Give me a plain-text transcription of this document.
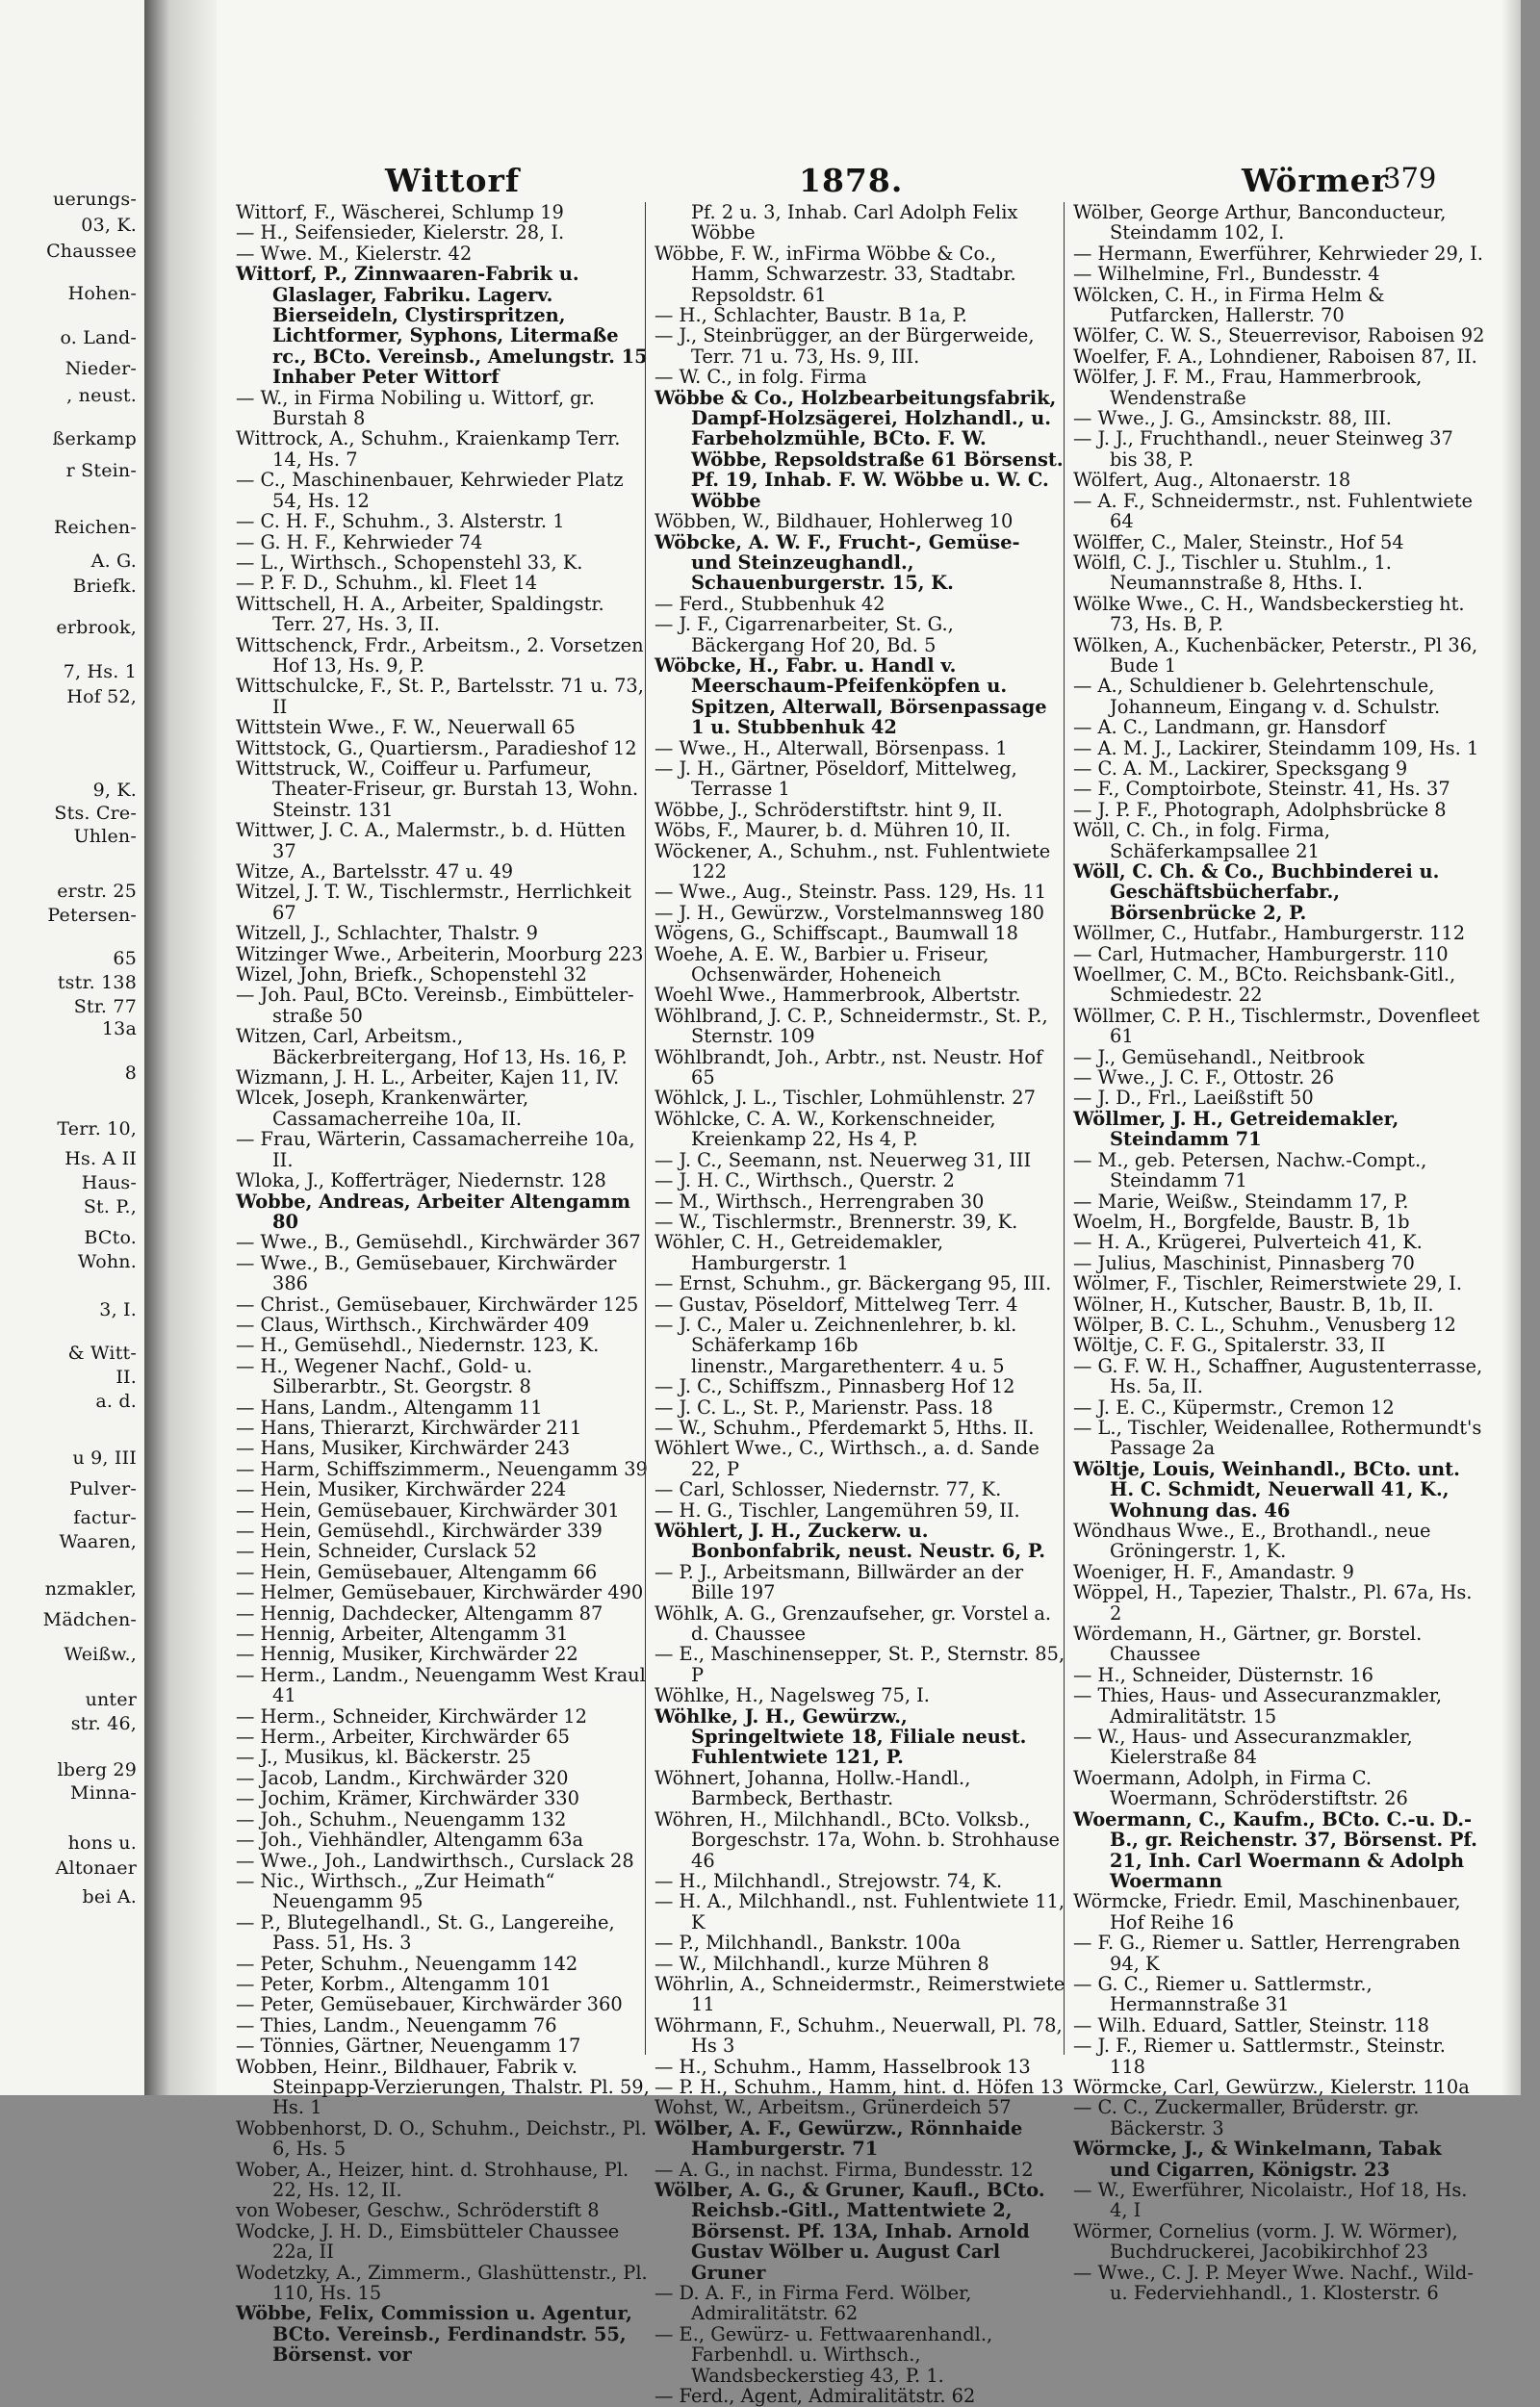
uerungs-
03, K.
Chaussee
Hohen-
o. Land-
Nieder-
, neust.
ßerkamp
r Stein-
Reichen-
A. G.
Briefk.
erbrook,
7, Hs. 1
Hof 52,
9, K.
Sts. Cre-
Uhlen-
erstr. 25
Petersen-
65
tstr. 138
Str. 77
13a
8
Terr. 10,
Hs. A II
Haus-
St. P.,
BCto.
Wohn.
3, I.
& Witt-
II.
a. d.
u 9, III
Pulver-
factur-
Waaren,
nzmakler,
Mädchen-
Weißw.,
unter
str. 46,
lberg 29
Minna-
hons u.
Altonaer
bei A.
Wittorf	1878.	Wörmer
379
Wittorf, F., Wäscherei, Schlump 19
— H., Seifensieder, Kielerstr. 28, I.
— Wwe. M., Kielerstr. 42
Wittorf, P., Zinnwaaren-Fabrik u. Glaslager, Fabriku. Lagerv. Bierseideln, Clystirspritzen, Lichtformer, Syphons, Litermaße rc., BCto. Vereinsb., Amelungstr. 15 Inhaber Peter Wittorf
— W., in Firma Nobiling u. Wittorf, gr. Burstah 8
Wittrock, A., Schuhm., Kraienkamp Terr. 14, Hs. 7
— C., Maschinenbauer, Kehrwieder Platz 54, Hs. 12
— C. H. F., Schuhm., 3. Alsterstr. 1
— G. H. F., Kehrwieder 74
— L., Wirthsch., Schopenstehl 33, K.
— P. F. D., Schuhm., kl. Fleet 14
Wittschell, H. A., Arbeiter, Spaldingstr. Terr. 27, Hs. 3, II.
Wittschenck, Frdr., Arbeitsm., 2. Vorsetzen Hof 13, Hs. 9, P.
Wittschulcke, F., St. P., Bartelsstr. 71 u. 73, II
Wittstein Wwe., F. W., Neuerwall 65
Wittstock, G., Quartiersm., Paradieshof 12
Wittstruck, W., Coiffeur u. Parfumeur, Theater-Friseur, gr. Burstah 13, Wohn. Steinstr. 131
Wittwer, J. C. A., Malermstr., b. d. Hütten 37
Witze, A., Bartelsstr. 47 u. 49
Witzel, J. T. W., Tischlermstr., Herrlichkeit 67
Witzell, J., Schlachter, Thalstr. 9
Witzinger Wwe., Arbeiterin, Moorburg 223
Wizel, John, Briefk., Schopenstehl 32
— Joh. Paul, BCto. Vereinsb., Eimbütteler-straße 50
Witzen, Carl, Arbeitsm., Bäckerbreitergang, Hof 13, Hs. 16, P.
Wizmann, J. H. L., Arbeiter, Kajen 11, IV.
Wlcek, Joseph, Krankenwärter, Cassamacherreihe 10a, II.
— Frau, Wärterin, Cassamacherreihe 10a, II.
Wloka, J., Kofferträger, Niedernstr. 128
Wobbe, Andreas, Arbeiter Altengamm 80
— Wwe., B., Gemüsehdl., Kirchwärder 367
— Wwe., B., Gemüsebauer, Kirchwärder 386
— Christ., Gemüsebauer, Kirchwärder 125
— Claus, Wirthsch., Kirchwärder 409
— H., Gemüsehdl., Niedernstr. 123, K.
— H., Wegener Nachf., Gold- u. Silberarbtr., St. Georgstr. 8
— Hans, Landm., Altengamm 11
— Hans, Thierarzt, Kirchwärder 211
— Hans, Musiker, Kirchwärder 243
— Harm, Schiffszimmerm., Neuengamm 39
— Hein, Musiker, Kirchwärder 224
— Hein, Gemüsebauer, Kirchwärder 301
— Hein, Gemüsehdl., Kirchwärder 339
— Hein, Schneider, Curslack 52
— Hein, Gemüsebauer, Altengamm 66
— Helmer, Gemüsebauer, Kirchwärder 490
— Hennig, Dachdecker, Altengamm 87
— Hennig, Arbeiter, Altengamm 31
— Hennig, Musiker, Kirchwärder 22
— Herm., Landm., Neuengamm West Kraul 41
— Herm., Schneider, Kirchwärder 12
— Herm., Arbeiter, Kirchwärder 65
— J., Musikus, kl. Bäckerstr. 25
— Jacob, Landm., Kirchwärder 320
— Jochim, Krämer, Kirchwärder 330
— Joh., Schuhm., Neuengamm 132
— Joh., Viehhändler, Altengamm 63a
— Wwe., Joh., Landwirthsch., Curslack 28
— Nic., Wirthsch., „Zur Heimath“ Neuengamm 95
— P., Blutegelhandl., St. G., Langereihe, Pass. 51, Hs. 3
— Peter, Schuhm., Neuengamm 142
— Peter, Korbm., Altengamm 101
— Peter, Gemüsebauer, Kirchwärder 360
— Thies, Landm., Neuengamm 76
— Tönnies, Gärtner, Neuengamm 17
Wobben, Heinr., Bildhauer, Fabrik v. Steinpapp-Verzierungen, Thalstr. Pl. 59, Hs. 1
Wobbenhorst, D. O., Schuhm., Deichstr., Pl. 6, Hs. 5
Wober, A., Heizer, hint. d. Strohhause, Pl. 22, Hs. 12, II.
von Wobeser, Geschw., Schröderstift 8
Wodcke, J. H. D., Eimsbütteler Chaussee 22a, II
Wodetzky, A., Zimmerm., Glashüttenstr., Pl. 110, Hs. 15
Wöbbe, Felix, Commission u. Agentur, BCto. Vereinsb., Ferdinandstr. 55, Börsenst. vor
Pf. 2 u. 3, Inhab. Carl Adolph Felix Wöbbe
Wöbbe, F. W., inFirma Wöbbe & Co., Hamm, Schwarzestr. 33, Stadtabr. Repsoldstr. 61
— H., Schlachter, Baustr. B 1a, P.
— J., Steinbrügger, an der Bürgerweide, Terr. 71 u. 73, Hs. 9, III.
— W. C., in folg. Firma
Wöbbe & Co., Holzbearbeitungsfabrik, Dampf-Holzsägerei, Holzhandl., u. Farbeholzmühle, BCto. F. W. Wöbbe, Repsoldstraße 61 Börsenst. Pf. 19, Inhab. F. W. Wöbbe u. W. C. Wöbbe
Wöbben, W., Bildhauer, Hohlerweg 10
Wöbcke, A. W. F., Frucht-, Gemüse- und Steinzeughandl., Schauenburgerstr. 15, K.
— Ferd., Stubbenhuk 42
— J. F., Cigarrenarbeiter, St. G., Bäckergang Hof 20, Bd. 5
Wöbcke, H., Fabr. u. Handl v. Meerschaum-Pfeifenköpfen u. Spitzen, Alterwall, Börsenpassage 1 u. Stubbenhuk 42
— Wwe., H., Alterwall, Börsenpass. 1
— J. H., Gärtner, Pöseldorf, Mittelweg, Terrasse 1
Wöbbe, J., Schröderstiftstr. hint 9, II.
Wöbs, F., Maurer, b. d. Mühren 10, II.
Wöckener, A., Schuhm., nst. Fuhlentwiete 122
— Wwe., Aug., Steinstr. Pass. 129, Hs. 11
— J. H., Gewürzw., Vorstelmannsweg 180
Wögens, G., Schiffscapt., Baumwall 18
Woehe, A. E. W., Barbier u. Friseur, Ochsenwärder, Hoheneich
Woehl Wwe., Hammerbrook, Albertstr.
Wöhlbrand, J. C. P., Schneidermstr., St. P., Sternstr. 109
Wöhlbrandt, Joh., Arbtr., nst. Neustr. Hof 65
Wöhlck, J. L., Tischler, Lohmühlenstr. 27
Wöhlcke, C. A. W., Korkenschneider, Kreienkamp 22, Hs 4, P.
— J. C., Seemann, nst. Neuerweg 31, III
— J. H. C., Wirthsch., Querstr. 2
— M., Wirthsch., Herrengraben 30
— W., Tischlermstr., Brennerstr. 39, K.
Wöhler, C. H., Getreidemakler, Hamburgerstr. 1
— Ernst, Schuhm., gr. Bäckergang 95, III.
— Gustav, Pöseldorf, Mittelweg Terr. 4
— J. C., Maler u. Zeichnenlehrer, b. kl. Schäferkamp 16b
linenstr., Margarethenterr. 4 u. 5
— J. C., Schiffszm., Pinnasberg Hof 12
— J. C. L., St. P., Marienstr. Pass. 18
— W., Schuhm., Pferdemarkt 5, Hths. II.
Wöhlert Wwe., C., Wirthsch., a. d. Sande 22, P
— Carl, Schlosser, Niedernstr. 77, K.
— H. G., Tischler, Langemühren 59, II.
Wöhlert, J. H., Zuckerw. u. Bonbonfabrik, neust. Neustr. 6, P.
— P. J., Arbeitsmann, Billwärder an der Bille 197
Wöhlk, A. G., Grenzaufseher, gr. Vorstel a. d. Chaussee
— E., Maschinensepper, St. P., Sternstr. 85, P
Wöhlke, H., Nagelsweg 75, I.
Wöhlke, J. H., Gewürzw., Springeltwiete 18, Filiale neust. Fuhlentwiete 121, P.
Wöhnert, Johanna, Hollw.-Handl., Barmbeck, Berthastr.
Wöhren, H., Milchhandl., BCto. Volksb., Borgeschstr. 17a, Wohn. b. Strohhause 46
— H., Milchhandl., Strejowstr. 74, K.
— H. A., Milchhandl., nst. Fuhlentwiete 11, K
— P., Milchhandl., Bankstr. 100a
— W., Milchhandl., kurze Mühren 8
Wöhrlin, A., Schneidermstr., Reimerstwiete 11
Wöhrmann, F., Schuhm., Neuerwall, Pl. 78, Hs 3
— H., Schuhm., Hamm, Hasselbrook 13
— P. H., Schuhm., Hamm, hint. d. Höfen 13
Wohst, W., Arbeitsm., Grünerdeich 57
Wölber, A. F., Gewürzw., Rönnhaide Hamburgerstr. 71
— A. G., in nachst. Firma, Bundesstr. 12
Wölber, A. G., & Gruner, Kaufl., BCto. Reichsb.-Gitl., Mattentwiete 2, Börsenst. Pf. 13A, Inhab. Arnold Gustav Wölber u. August Carl Gruner
— D. A. F., in Firma Ferd. Wölber, Admiralitätstr. 62
— E., Gewürz- u. Fettwaarenhandl., Farbenhdl. u. Wirthsch., Wandsbeckerstieg 43, P. 1.
— Ferd., Agent, Admiralitätstr. 62
Wölber, George Arthur, Banconducteur, Steindamm 102, I.
— Hermann, Ewerführer, Kehrwieder 29, I.
— Wilhelmine, Frl., Bundesstr. 4
Wölcken, C. H., in Firma Helm & Putfarcken, Hallerstr. 70
Wölfer, C. W. S., Steuerrevisor, Raboisen 92
Woelfer, F. A., Lohndiener, Raboisen 87, II.
Wölfer, J. F. M., Frau, Hammerbrook, Wendenstraße
— Wwe., J. G., Amsinckstr. 88, III.
— J. J., Fruchthandl., neuer Steinweg 37 bis 38, P.
Wölfert, Aug., Altonaerstr. 18
— A. F., Schneidermstr., nst. Fuhlentwiete 64
Wölffer, C., Maler, Steinstr., Hof 54
Wölfl, C. J., Tischler u. Stuhlm., 1. Neumannstraße 8, Hths. I.
Wölke Wwe., C. H., Wandsbeckerstieg ht. 73, Hs. B, P.
Wölken, A., Kuchenbäcker, Peterstr., Pl 36, Bude 1
— A., Schuldiener b. Gelehrtenschule, Johanneum, Eingang v. d. Schulstr.
— A. C., Landmann, gr. Hansdorf
— A. M. J., Lackirer, Steindamm 109, Hs. 1
— C. A. M., Lackirer, Specksgang 9
— F., Comptoirbote, Steinstr. 41, Hs. 37
— J. P. F., Photograph, Adolphsbrücke 8
Wöll, C. Ch., in folg. Firma, Schäferkampsallee 21
Wöll, C. Ch. & Co., Buchbinderei u. Geschäftsbücherfabr., Börsenbrücke 2, P.
Wöllmer, C., Hutfabr., Hamburgerstr. 112
— Carl, Hutmacher, Hamburgerstr. 110
Woellmer, C. M., BCto. Reichsbank-Gitl., Schmiedestr. 22
Wöllmer, C. P. H., Tischlermstr., Dovenfleet 61
— J., Gemüsehandl., Neitbrook
— Wwe., J. C. F., Ottostr. 26
— J. D., Frl., Laeißstift 50
Wöllmer, J. H., Getreidemakler, Steindamm 71
— M., geb. Petersen, Nachw.-Compt., Steindamm 71
— Marie, Weißw., Steindamm 17, P.
Woelm, H., Borgfelde, Baustr. B, 1b
— H. A., Krügerei, Pulverteich 41, K.
— Julius, Maschinist, Pinnasberg 70
Wölmer, F., Tischler, Reimerstwiete 29, I.
Wölner, H., Kutscher, Baustr. B, 1b, II.
Wölper, B. C. L., Schuhm., Venusberg 12
Wöltje, C. F. G., Spitalerstr. 33, II
— G. F. W. H., Schaffner, Augustenterrasse, Hs. 5a, II.
— J. E. C., Küpermstr., Cremon 12
— L., Tischler, Weidenallee, Rothermundt's Passage 2a
Wöltje, Louis, Weinhandl., BCto. unt. H. C. Schmidt, Neuerwall 41, K., Wohnung das. 46
Wöndhaus Wwe., E., Brothandl., neue Gröningerstr. 1, K.
Woeniger, H. F., Amandastr. 9
Wöppel, H., Tapezier, Thalstr., Pl. 67a, Hs. 2
Wördemann, H., Gärtner, gr. Borstel. Chaussee
— H., Schneider, Düsternstr. 16
— Thies, Haus- und Assecuranzmakler, Admiralitätstr. 15
— W., Haus- und Assecuranzmakler, Kielerstraße 84
Woermann, Adolph, in Firma C. Woermann, Schröderstiftstr. 26
Woermann, C., Kaufm., BCto. C.-u. D.-B., gr. Reichenstr. 37, Börsenst. Pf. 21, Inh. Carl Woermann & Adolph Woermann
Wörmcke, Friedr. Emil, Maschinenbauer, Hof Reihe 16
— F. G., Riemer u. Sattler, Herrengraben 94, K
— G. C., Riemer u. Sattlermstr., Hermannstraße 31
— Wilh. Eduard, Sattler, Steinstr. 118
— J. F., Riemer u. Sattlermstr., Steinstr. 118
Wörmcke, Carl, Gewürzw., Kielerstr. 110a
— C. C., Zuckermaller, Brüderstr. gr. Bäckerstr. 3
Wörmcke, J., & Winkelmann, Tabak und Cigarren, Königstr. 23
— W., Ewerführer, Nicolaistr., Hof 18, Hs. 4, I
Wörmer, Cornelius (vorm. J. W. Wörmer), Buchdruckerei, Jacobikirchhof 23
— Wwe., C. J. P. Meyer Wwe. Nachf., Wild- u. Federviehhandl., 1. Klosterstr. 6
